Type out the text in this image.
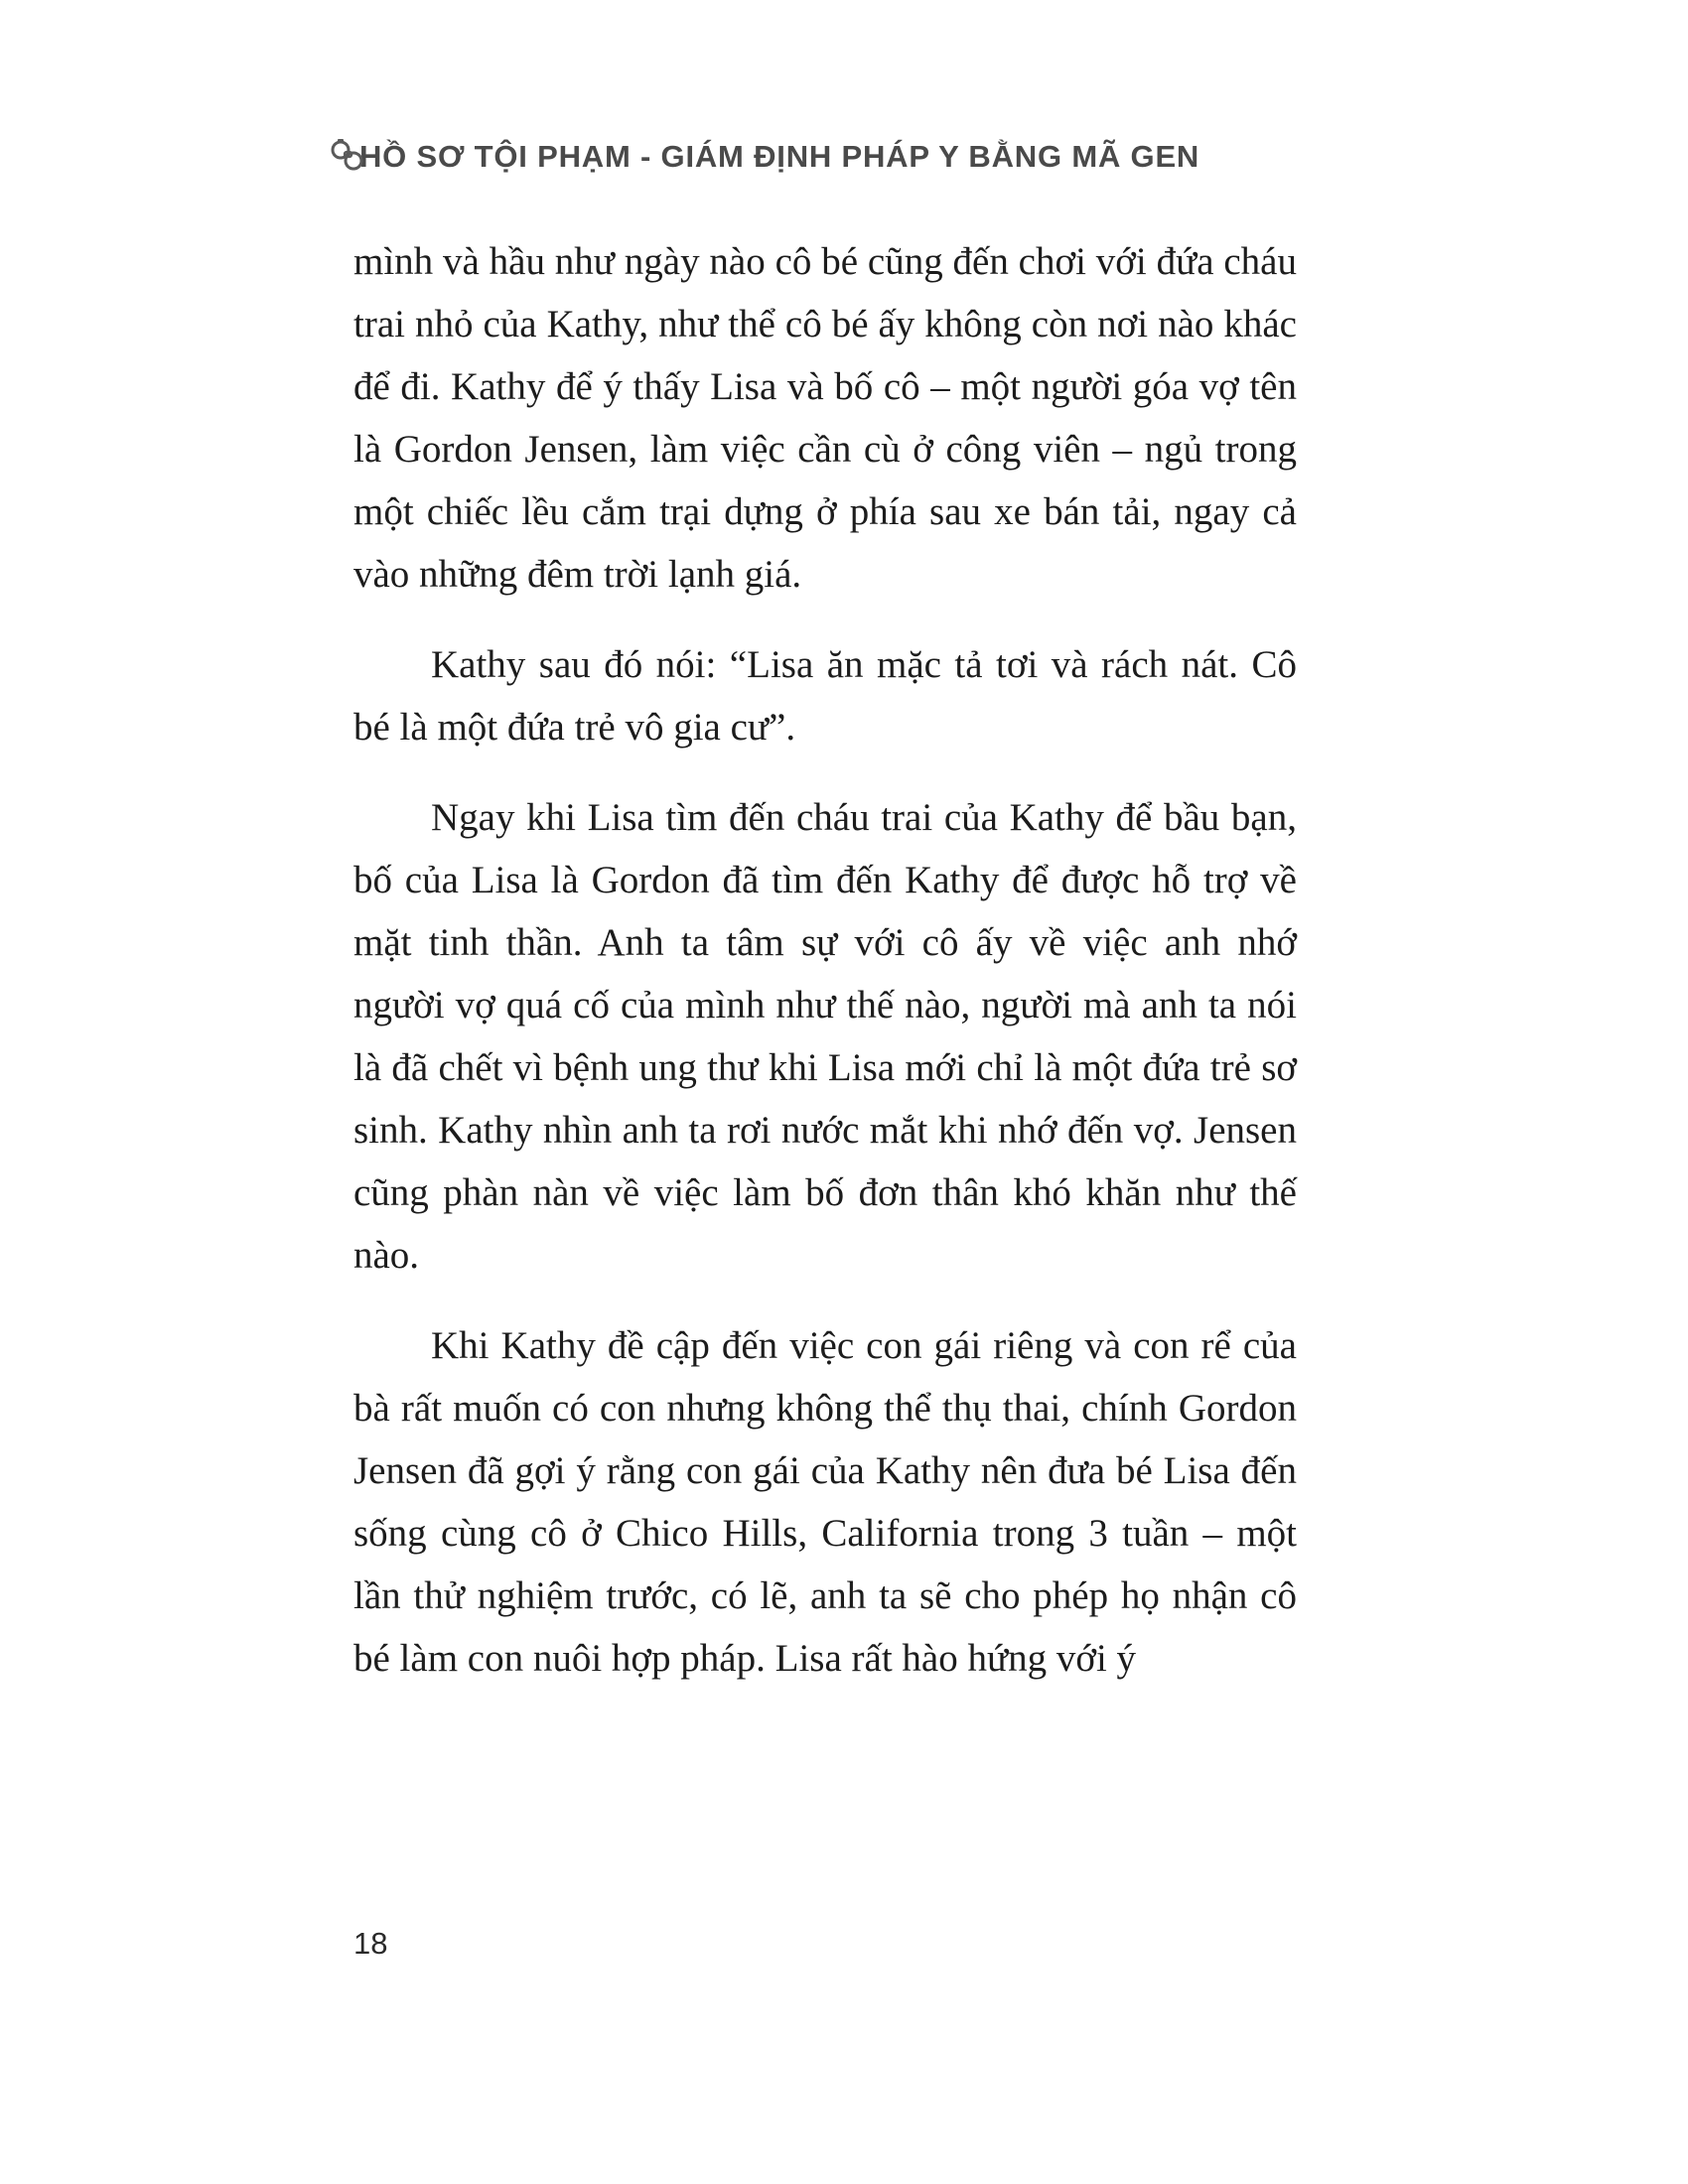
HỒ SƠ TỘI PHẠM - GIÁM ĐỊNH PHÁP Y BẰNG MÃ GEN

mình và hầu như ngày nào cô bé cũng đến chơi với đứa cháu trai nhỏ của Kathy, như thể cô bé ấy không còn nơi nào khác để đi. Kathy để ý thấy Lisa và bố cô – một người góa vợ tên là Gordon Jensen, làm việc cần cù ở công viên – ngủ trong một chiếc lều cắm trại dựng ở phía sau xe bán tải, ngay cả vào những đêm trời lạnh giá.

Kathy sau đó nói: “Lisa ăn mặc tả tơi và rách nát. Cô bé là một đứa trẻ vô gia cư”.

Ngay khi Lisa tìm đến cháu trai của Kathy để bầu bạn, bố của Lisa là Gordon đã tìm đến Kathy để được hỗ trợ về mặt tinh thần. Anh ta tâm sự với cô ấy về việc anh nhớ người vợ quá cố của mình như thế nào, người mà anh ta nói là đã chết vì bệnh ung thư khi Lisa mới chỉ là một đứa trẻ sơ sinh. Kathy nhìn anh ta rơi nước mắt khi nhớ đến vợ. Jensen cũng phàn nàn về việc làm bố đơn thân khó khăn như thế nào.

Khi Kathy đề cập đến việc con gái riêng và con rể của bà rất muốn có con nhưng không thể thụ thai, chính Gordon Jensen đã gợi ý rằng con gái của Kathy nên đưa bé Lisa đến sống cùng cô ở Chico Hills, California trong 3 tuần – một lần thử nghiệm trước, có lẽ, anh ta sẽ cho phép họ nhận cô bé làm con nuôi hợp pháp. Lisa rất hào hứng với ý

18
